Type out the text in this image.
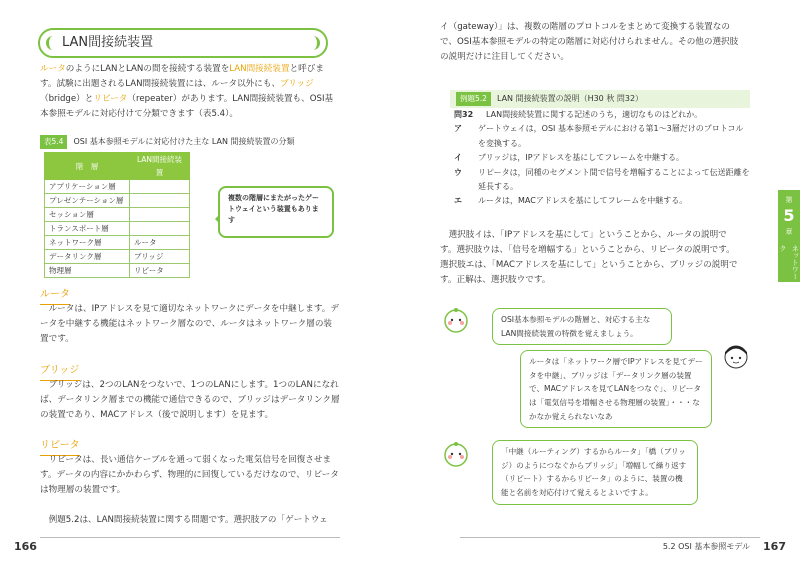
LAN間接続装置
ルータのようにLANとLANの間を接続する装置をLAN間接続装置と呼びます。試験に出題されるLAN間接続装置には、ルータ以外にも、ブリッジ（bridge）とリピータ（repeater）があります。LAN間接続装置も、OSI基本参照モデルに対応付けて分類できます（表5.4）。
表5.4	OSI 基本参照モデルに対応付けた主な LAN 間接続装置の分類
階　層	LAN間接続装置
アプリケーション層	
プレゼンテーション層	
セッション層	
トランスポート層	
ネットワーク層	ルータ
データリンク層	ブリッジ
物理層	リピータ
複数の階層にまたがったゲートウェイという装置もあります
ルータ
ルータは、IPアドレスを見て適切なネットワークにデータを中継します。データを中継する機能はネットワーク層なので、ルータはネットワーク層の装置です。
ブリッジ
ブリッジは、2つのLANをつないで、1つのLANにします。1つのLANになれば、データリンク層までの機能で通信できるので、ブリッジはデータリンク層の装置であり、MACアドレス（後で説明します）を見ます。
リピータ
リピータは、長い通信ケーブルを通って弱くなった電気信号を回復させます。データの内容にかかわらず、物理的に回復しているだけなので、リピータは物理層の装置です。
例題5.2は、LAN間接続装置に関する問題です。選択肢アの「ゲートウェ
166
イ（gateway）」は、複数の階層のプロトコルをまとめて変換する装置なので、OSI基本参照モデルの特定の階層に対応付けられません。その他の選択肢の説明だけに注目してください。
例題5.2	LAN 間接続装置の説明（H30 秋 問32）
問32	LAN間接続装置に関する記述のうち，適切なものはどれか。
ア	ゲートウェイは，OSI 基本参照モデルにおける第1〜3層だけのプロトコルを変換する。
イ	ブリッジは，IPアドレスを基にしてフレームを中継する。
ウ	リピータは，同種のセグメント間で信号を増幅することによって伝送距離を延長する。
エ	ルータは，MACアドレスを基にしてフレームを中継する。
選択肢イは、「IPアドレスを基にして」ということから、ルータの説明です。選択肢ウは、「信号を増幅する」ということから、リピータの説明です。選択肢エは、「MACアドレスを基にして」ということから、ブリッジの説明です。正解は、選択肢ウです。
OSI基本参照モデルの階層と、対応する主なLAN間接続装置の特徴を覚えましょう。
ルータは「ネットワーク層でIPアドレスを見てデータを中継」、ブリッジは「データリンク層の装置で、MACアドレスを見てLANをつなぐ」、リピータは「電気信号を増幅させる物理層の装置」・・・なかなか覚えられないなあ
「中継（ルーティング）するからルータ」「橋（ブリッジ）のようにつなぐからブリッジ」「増幅して繰り返す（リピート）するからリピータ」のように、装置の機能と名前を対応付けて覚えるとよいですよ。
第
5
章
ネットワーク
5.2 OSI 基本参照モデル 167
